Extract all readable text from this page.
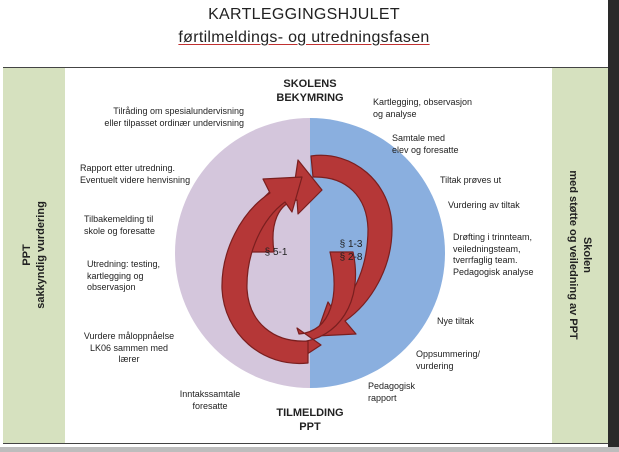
KARTLEGGINGSHJULET
førtilmeldings- og utredningsfasen
PPT sakkyndig vurdering	Skolen
med støtte og veiledning av PPT
SKOLENS
BEKYMRING
TILMELDING
PPT
§ 5-1
§ 1-3
§ 2-8
Tilråding om spesialundervisning
eller tilpasset ordinær undervisning
Rapport etter utredning.
Eventuelt videre henvisning
Tilbakemelding til
skole og foresatte
Utredning: testing,
kartlegging og
observasjon
Vurdere måloppnåelse
LK06 sammen med
lærer
Inntakssamtale
foresatte
Kartlegging, observasjon
og analyse
Samtale med
elev og foresatte
Tiltak prøves ut
Vurdering av tiltak
Drøfting i trinnteam,
veiledningsteam,
tverrfaglig team.
Pedagogisk analyse
Nye tiltak
Oppsummering/
vurdering
Pedagogisk
rapport
